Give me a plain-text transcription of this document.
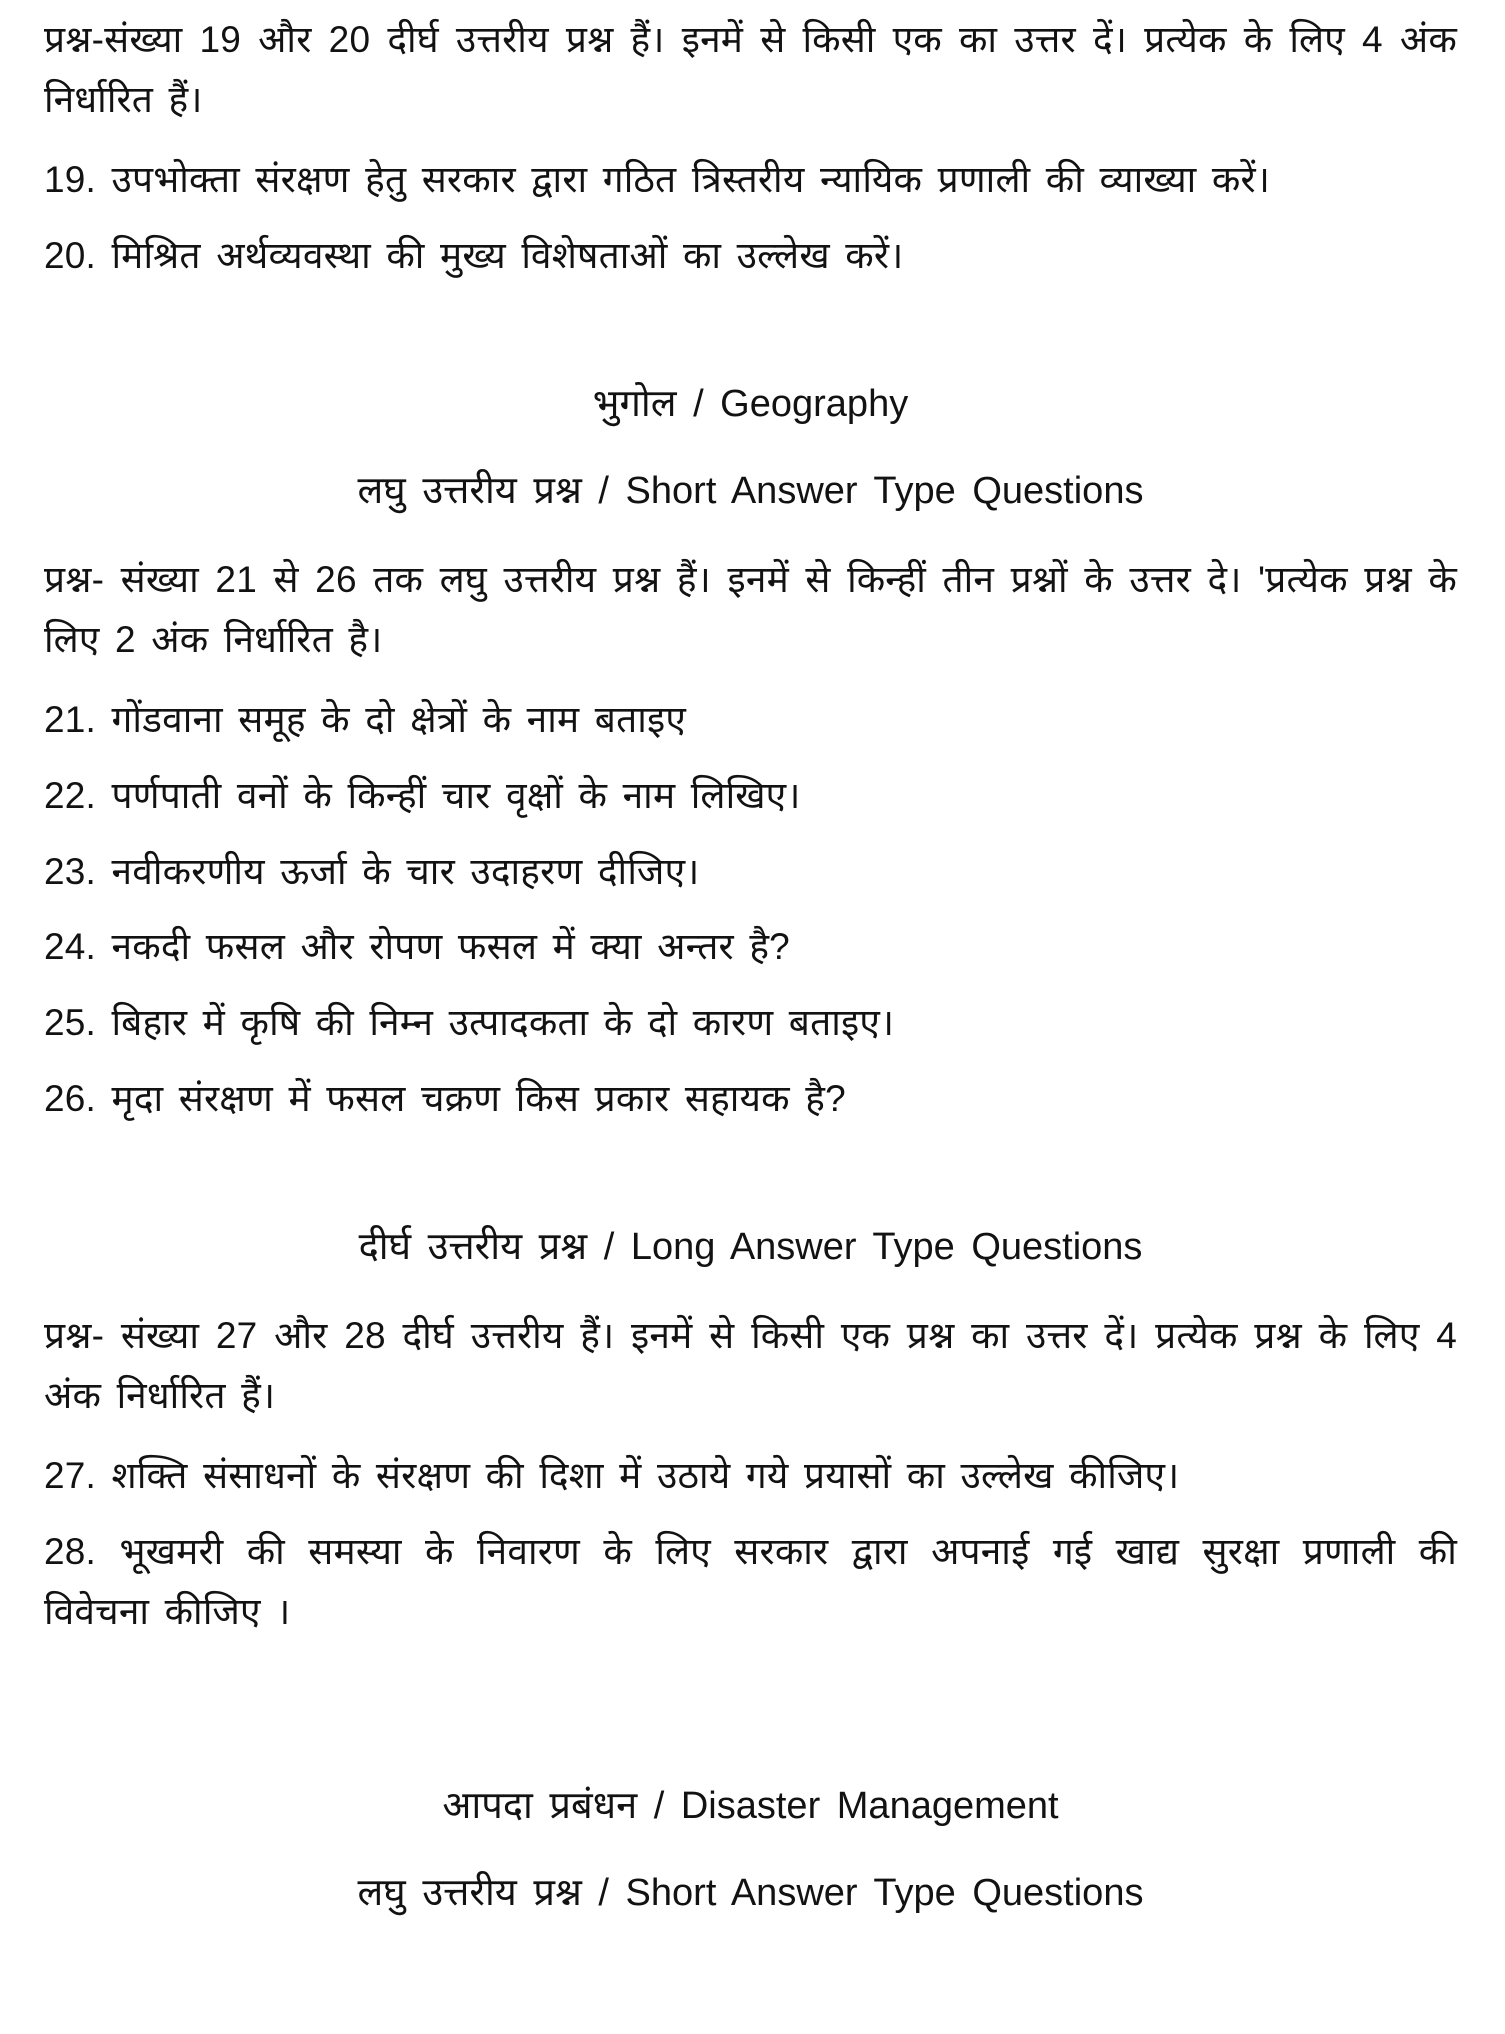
प्रश्न-संख्या 19 और 20 दीर्घ उत्तरीय प्रश्न हैं। इनमें से किसी एक का उत्तर दें। प्रत्येक के लिए 4 अंक निर्धारित हैं।

19. उपभोक्ता संरक्षण हेतु सरकार द्वारा गठित त्रिस्तरीय न्यायिक प्रणाली की व्याख्या करें।

20. मिश्रित अर्थव्यवस्था की मुख्य विशेषताओं का उल्लेख करें।

भुगोल / Geography

लघु उत्तरीय प्रश्न / Short Answer Type Questions

प्रश्न- संख्या 21 से 26 तक लघु उत्तरीय प्रश्न हैं। इनमें से किन्हीं तीन प्रश्नों के उत्तर दे। 'प्रत्येक प्रश्न के लिए 2 अंक निर्धारित है।

21. गोंडवाना समूह के दो क्षेत्रों के नाम बताइए

22. पर्णपाती वनों के किन्हीं चार वृक्षों के नाम लिखिए।

23. नवीकरणीय ऊर्जा के चार उदाहरण दीजिए।

24. नकदी फसल और रोपण फसल में क्या अन्तर है?

25. बिहार में कृषि की निम्न उत्पादकता के दो कारण बताइए।

26. मृदा संरक्षण में फसल चक्रण किस प्रकार सहायक है?

दीर्घ उत्तरीय प्रश्न / Long Answer Type Questions

प्रश्न- संख्या 27 और 28 दीर्घ उत्तरीय हैं। इनमें से किसी एक प्रश्न का उत्तर दें। प्रत्येक प्रश्न के लिए 4 अंक निर्धारित हैं।

27. शक्ति संसाधनों के संरक्षण की दिशा में उठाये गये प्रयासों का उल्लेख कीजिए।

28. भूखमरी की समस्या के निवारण के लिए सरकार द्वारा अपनाई गई खाद्य सुरक्षा प्रणाली की विवेचना कीजिए ।

आपदा प्रबंधन / Disaster Management

लघु उत्तरीय प्रश्न / Short Answer Type Questions
